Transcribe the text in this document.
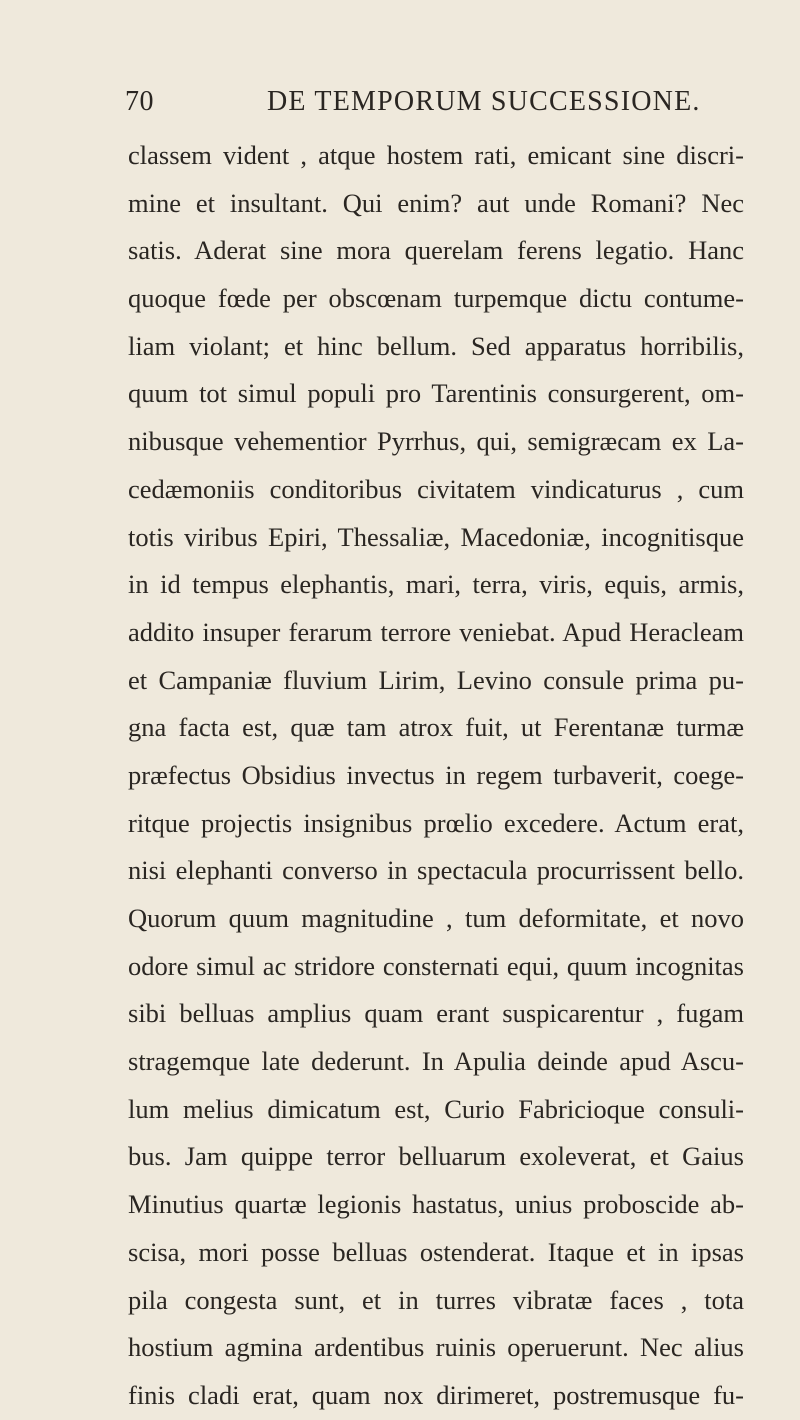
70	DE TEMPORUM SUCCESSIONE.
classem vident , atque hostem rati, emicant sine discri-
mine et insultant. Qui enim? aut unde Romani? Nec
satis. Aderat sine mora querelam ferens legatio. Hanc
quoque fœde per obscœnam turpemque dictu contume-
liam violant; et hinc bellum. Sed apparatus horribilis,
quum tot simul populi pro Tarentinis consurgerent, om-
nibusque vehementior Pyrrhus, qui, semigræcam ex La-
cedæmoniis conditoribus civitatem vindicaturus , cum
totis viribus Epiri, Thessaliæ, Macedoniæ, incognitisque
in id tempus elephantis, mari, terra, viris, equis, armis,
addito insuper ferarum terrore veniebat. Apud Heracleam
et Campaniæ fluvium Lirim, Levino consule prima pu-
gna facta est, quæ tam atrox fuit, ut Ferentanæ turmæ
præfectus Obsidius invectus in regem turbaverit, coege-
ritque projectis insignibus prœlio excedere. Actum erat,
nisi elephanti converso in spectacula procurrissent bello.
Quorum quum magnitudine , tum deformitate, et novo
odore simul ac stridore consternati equi, quum incognitas
sibi belluas amplius quam erant suspicarentur , fugam
stragemque late dederunt. In Apulia deinde apud Ascu-
lum melius dimicatum est, Curio Fabricioque consuli-
bus. Jam quippe terror belluarum exoleverat, et Gaius
Minutius quartæ legionis hastatus, unius proboscide ab-
scisa, mori posse belluas ostenderat. Itaque et in ipsas
pila congesta sunt, et in turres vibratæ faces , tota
hostium agmina ardentibus ruinis operuerunt. Nec alius
finis cladi erat, quam nox dirimeret, postremusque fu-
